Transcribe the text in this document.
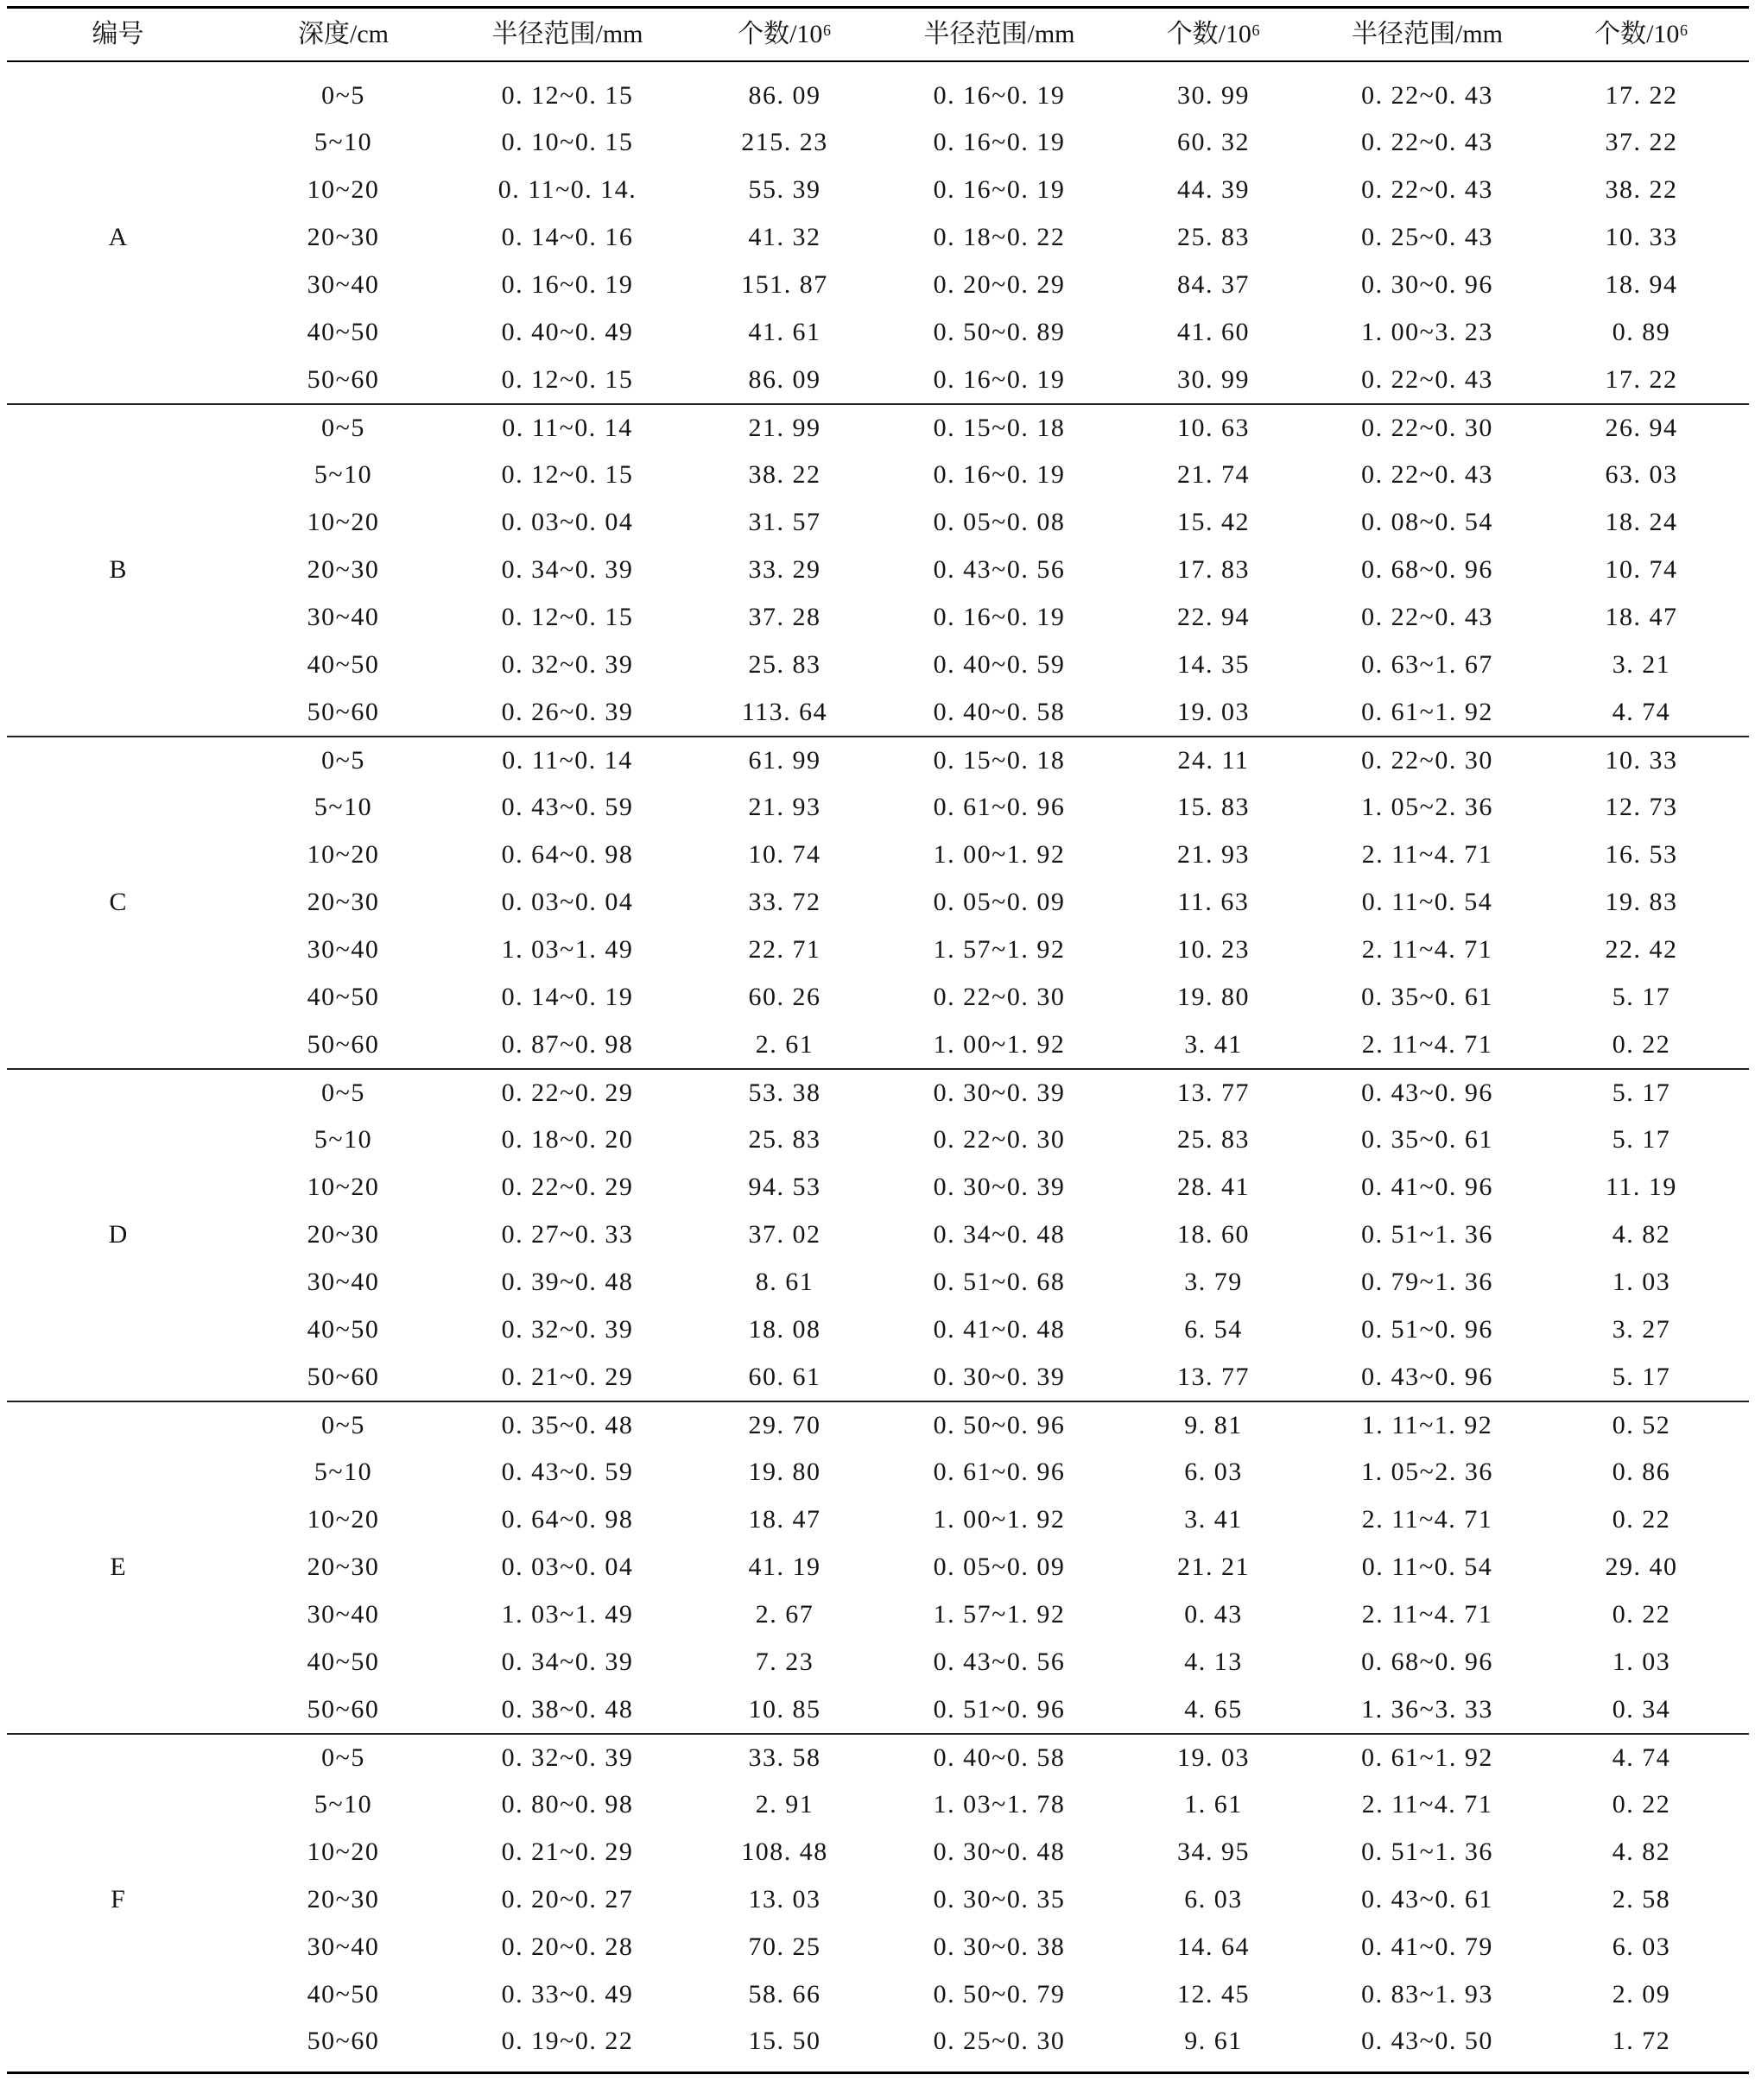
编号	深度/cm	半径范围/mm	个数/10⁶	半径范围/mm	个数/10⁶	半径范围/mm	个数/10⁶
A	0~5	0. 12~0. 15	86. 09	0. 16~0. 19	30. 99	0. 22~0. 43	17. 22
	5~10	0. 10~0. 15	215. 23	0. 16~0. 19	60. 32	0. 22~0. 43	37. 22
	10~20	0. 11~0. 14.	55. 39	0. 16~0. 19	44. 39	0. 22~0. 43	38. 22
	20~30	0. 14~0. 16	41. 32	0. 18~0. 22	25. 83	0. 25~0. 43	10. 33
	30~40	0. 16~0. 19	151. 87	0. 20~0. 29	84. 37	0. 30~0. 96	18. 94
	40~50	0. 40~0. 49	41. 61	0. 50~0. 89	41. 60	1. 00~3. 23	0. 89
	50~60	0. 12~0. 15	86. 09	0. 16~0. 19	30. 99	0. 22~0. 43	17. 22
B	0~5	0. 11~0. 14	21. 99	0. 15~0. 18	10. 63	0. 22~0. 30	26. 94
	5~10	0. 12~0. 15	38. 22	0. 16~0. 19	21. 74	0. 22~0. 43	63. 03
	10~20	0. 03~0. 04	31. 57	0. 05~0. 08	15. 42	0. 08~0. 54	18. 24
	20~30	0. 34~0. 39	33. 29	0. 43~0. 56	17. 83	0. 68~0. 96	10. 74
	30~40	0. 12~0. 15	37. 28	0. 16~0. 19	22. 94	0. 22~0. 43	18. 47
	40~50	0. 32~0. 39	25. 83	0. 40~0. 59	14. 35	0. 63~1. 67	3. 21
	50~60	0. 26~0. 39	113. 64	0. 40~0. 58	19. 03	0. 61~1. 92	4. 74
C	0~5	0. 11~0. 14	61. 99	0. 15~0. 18	24. 11	0. 22~0. 30	10. 33
	5~10	0. 43~0. 59	21. 93	0. 61~0. 96	15. 83	1. 05~2. 36	12. 73
	10~20	0. 64~0. 98	10. 74	1. 00~1. 92	21. 93	2. 11~4. 71	16. 53
	20~30	0. 03~0. 04	33. 72	0. 05~0. 09	11. 63	0. 11~0. 54	19. 83
	30~40	1. 03~1. 49	22. 71	1. 57~1. 92	10. 23	2. 11~4. 71	22. 42
	40~50	0. 14~0. 19	60. 26	0. 22~0. 30	19. 80	0. 35~0. 61	5. 17
	50~60	0. 87~0. 98	2. 61	1. 00~1. 92	3. 41	2. 11~4. 71	0. 22
D	0~5	0. 22~0. 29	53. 38	0. 30~0. 39	13. 77	0. 43~0. 96	5. 17
	5~10	0. 18~0. 20	25. 83	0. 22~0. 30	25. 83	0. 35~0. 61	5. 17
	10~20	0. 22~0. 29	94. 53	0. 30~0. 39	28. 41	0. 41~0. 96	11. 19
	20~30	0. 27~0. 33	37. 02	0. 34~0. 48	18. 60	0. 51~1. 36	4. 82
	30~40	0. 39~0. 48	8. 61	0. 51~0. 68	3. 79	0. 79~1. 36	1. 03
	40~50	0. 32~0. 39	18. 08	0. 41~0. 48	6. 54	0. 51~0. 96	3. 27
	50~60	0. 21~0. 29	60. 61	0. 30~0. 39	13. 77	0. 43~0. 96	5. 17
E	0~5	0. 35~0. 48	29. 70	0. 50~0. 96	9. 81	1. 11~1. 92	0. 52
	5~10	0. 43~0. 59	19. 80	0. 61~0. 96	6. 03	1. 05~2. 36	0. 86
	10~20	0. 64~0. 98	18. 47	1. 00~1. 92	3. 41	2. 11~4. 71	0. 22
	20~30	0. 03~0. 04	41. 19	0. 05~0. 09	21. 21	0. 11~0. 54	29. 40
	30~40	1. 03~1. 49	2. 67	1. 57~1. 92	0. 43	2. 11~4. 71	0. 22
	40~50	0. 34~0. 39	7. 23	0. 43~0. 56	4. 13	0. 68~0. 96	1. 03
	50~60	0. 38~0. 48	10. 85	0. 51~0. 96	4. 65	1. 36~3. 33	0. 34
F	0~5	0. 32~0. 39	33. 58	0. 40~0. 58	19. 03	0. 61~1. 92	4. 74
	5~10	0. 80~0. 98	2. 91	1. 03~1. 78	1. 61	2. 11~4. 71	0. 22
	10~20	0. 21~0. 29	108. 48	0. 30~0. 48	34. 95	0. 51~1. 36	4. 82
	20~30	0. 20~0. 27	13. 03	0. 30~0. 35	6. 03	0. 43~0. 61	2. 58
	30~40	0. 20~0. 28	70. 25	0. 30~0. 38	14. 64	0. 41~0. 79	6. 03
	40~50	0. 33~0. 49	58. 66	0. 50~0. 79	12. 45	0. 83~1. 93	2. 09
	50~60	0. 19~0. 22	15. 50	0. 25~0. 30	9. 61	0. 43~0. 50	1. 72
